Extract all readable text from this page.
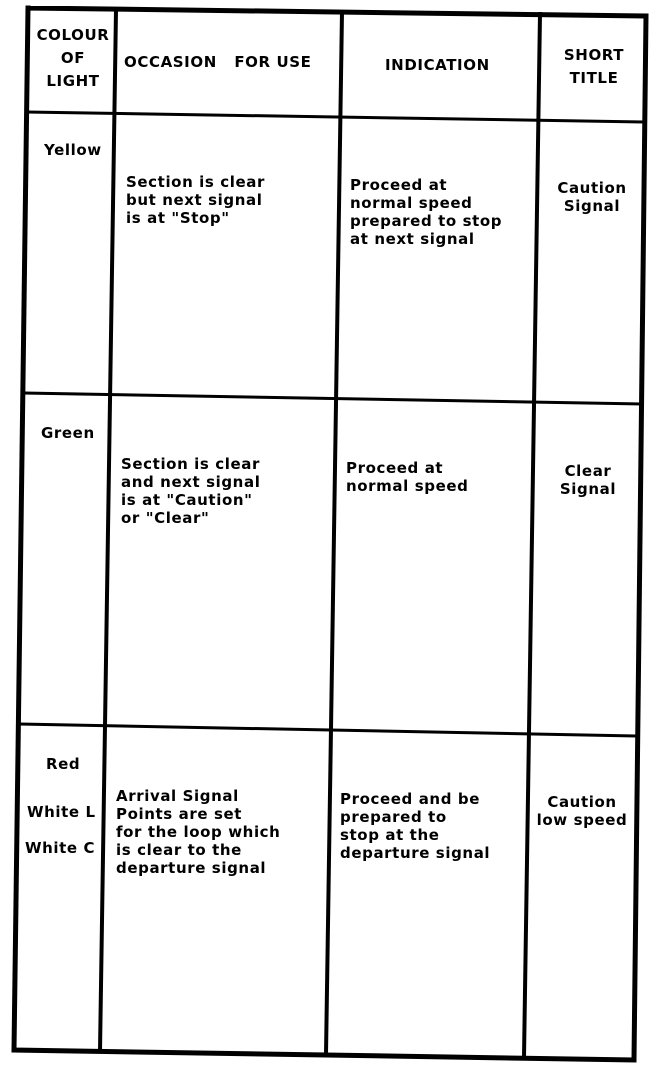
COLOUR
OF
LIGHT
OCCASION   FOR USE	INDICATION
SHORT
TITLE
Yellow
Section is clear
but next signal
is at "Stop"
Proceed at
normal speed
prepared to stop
at next signal
Caution
Signal
Green
Section is clear
and next signal
is at "Caution"
or "Clear"
Proceed at
normal speed
Clear
Signal
Red
White L
White C
Arrival Signal
Points are set
for the loop which
is clear to the
departure signal
Proceed and be
prepared to
stop at the
departure signal
Caution
low speed
